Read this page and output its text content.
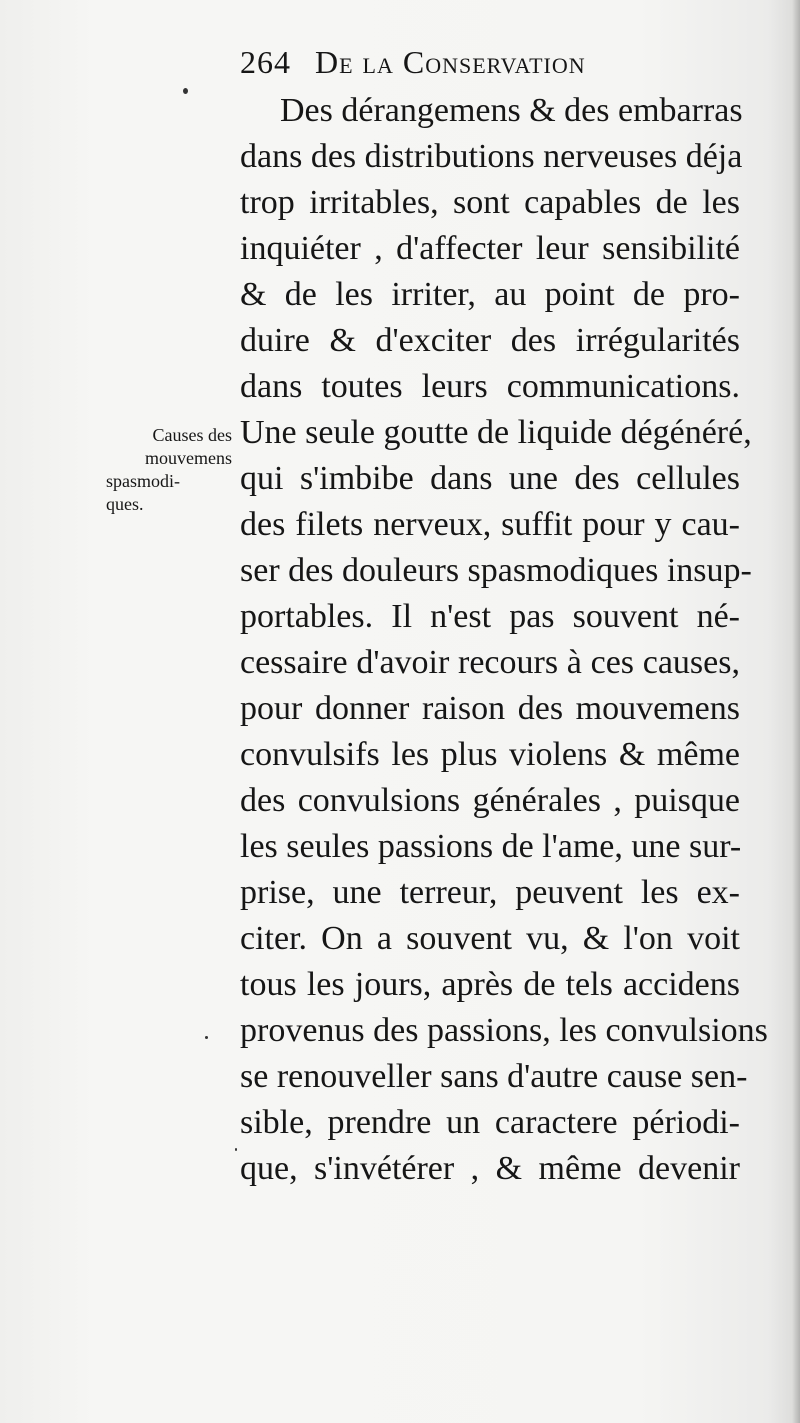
264 De la Conservation
Causes des
mouvemens
spasmodi-
ques.
Des dérangemens & des embarras
dans des distributions nerveuses déja
trop irritables, sont capables de les
inquiéter , d'affecter leur sensibilité
& de les irriter, au point de pro-
duire & d'exciter des irrégularités
dans toutes leurs communications.
Une seule goutte de liquide dégénéré,
qui s'imbibe dans une des cellules
des filets nerveux, suffit pour y cau-
ser des douleurs spasmodiques insup-
portables. Il n'est pas souvent né-
cessaire d'avoir recours à ces causes,
pour donner raison des mouvemens
convulsifs les plus violens & même
des convulsions générales , puisque
les seules passions de l'ame, une sur-
prise, une terreur, peuvent les ex-
citer. On a souvent vu, & l'on voit
tous les jours, après de tels accidens
provenus des passions, les convulsions
se renouveller sans d'autre cause sen-
sible, prendre un caractere périodi-
que, s'invétérer , & même devenir
